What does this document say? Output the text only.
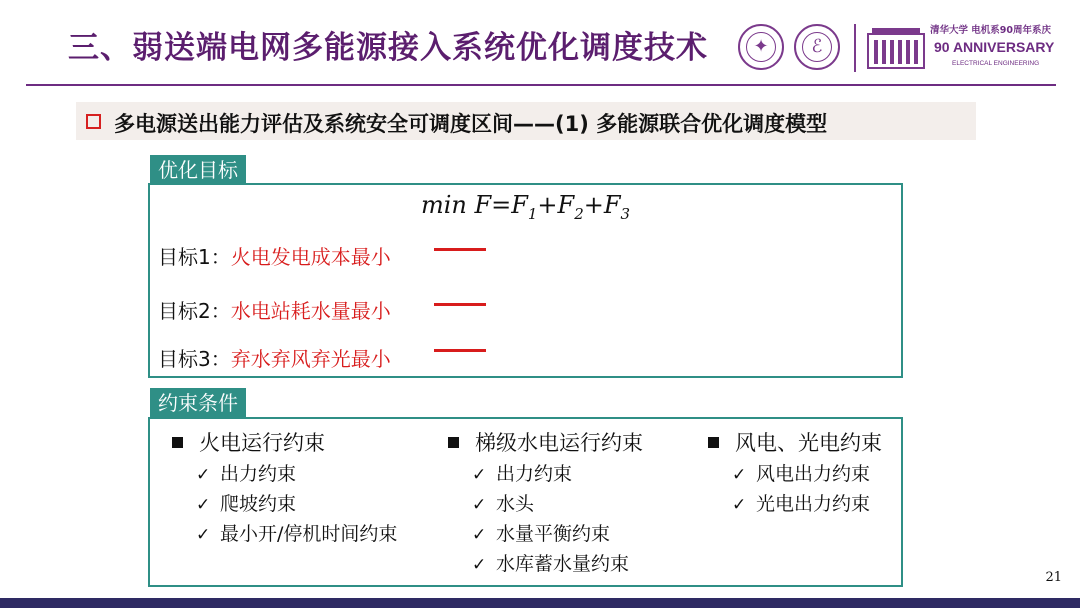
三、弱送端电网多能源接入系统优化调度技术	✦	ℰ
清华大学 电机系90周年系庆
90 ANNIVERSARY
ELECTRICAL ENGINEERING
多电源送出能力评估及系统安全可调度区间——(1) 多能源联合优化调度模型
优化目标
$\min F=F_1+F_2+F_3$
目标1：火电发电成本最小
目标2：水电站耗水量最小
目标3：弃水弃风弃光最小
约束条件
火电运行约束
✓ 出力约束
✓ 爬坡约束
✓ 最小开/停机时间约束
梯级水电运行约束
✓ 出力约束
✓ 水头
✓ 水量平衡约束
✓ 水库蓄水量约束
风电、光电约束
✓ 风电出力约束
✓ 光电出力约束
21
